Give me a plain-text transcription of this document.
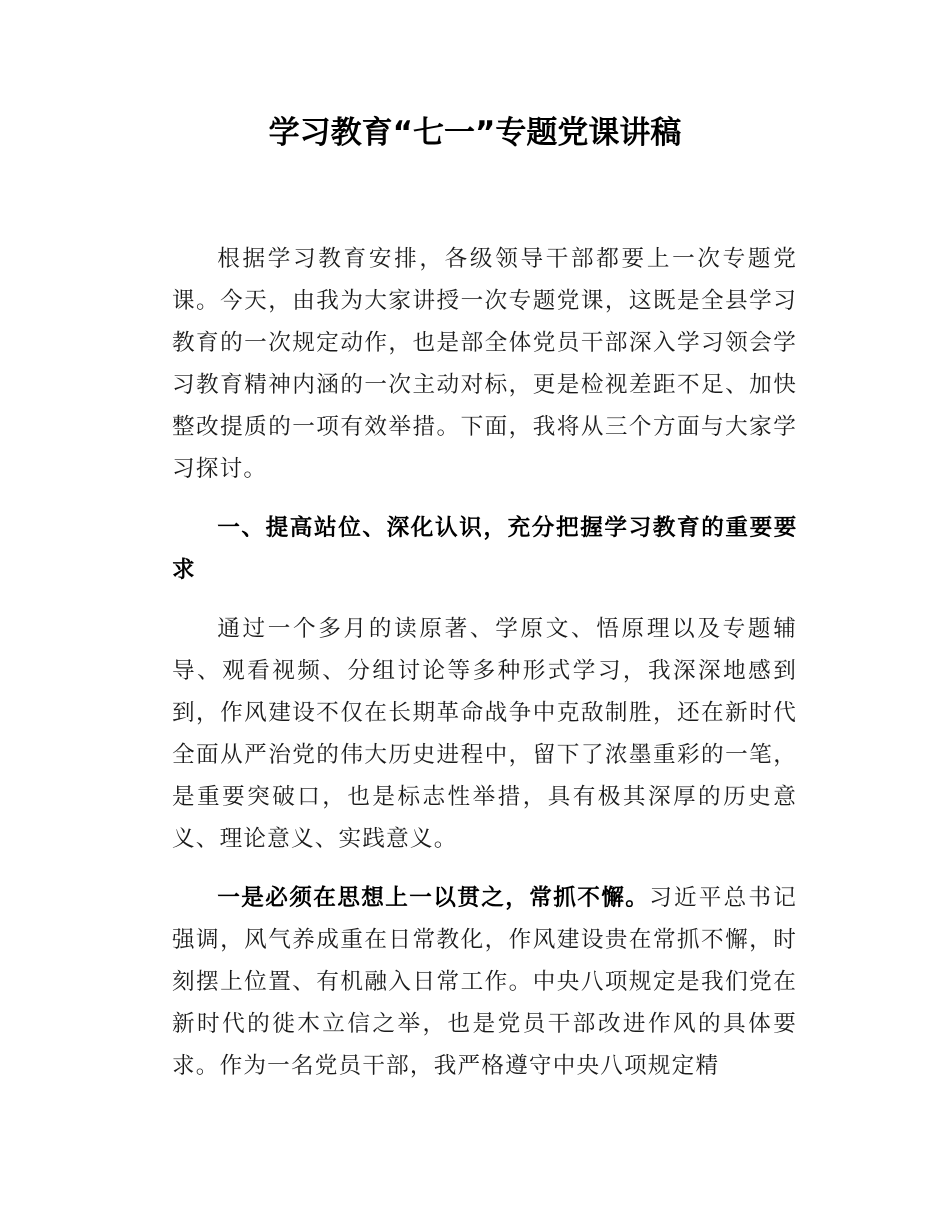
学习教育“七一”专题党课讲稿

根据学习教育安排，各级领导干部都要上一次专题党课。今天，由我为大家讲授一次专题党课，这既是全县学习教育的一次规定动作，也是部全体党员干部深入学习领会学习教育精神内涵的一次主动对标，更是检视差距不足、加快整改提质的一项有效举措。下面，我将从三个方面与大家学习探讨。

一、提高站位、深化认识，充分把握学习教育的重要要求

通过一个多月的读原著、学原文、悟原理以及专题辅导、观看视频、分组讨论等多种形式学习，我深深地感到到，作风建设不仅在长期革命战争中克敌制胜，还在新时代全面从严治党的伟大历史进程中，留下了浓墨重彩的一笔，是重要突破口，也是标志性举措，具有极其深厚的历史意义、理论意义、实践意义。

一是必须在思想上一以贯之，常抓不懈。习近平总书记强调，风气养成重在日常教化，作风建设贵在常抓不懈，时刻摆上位置、有机融入日常工作。中央八项规定是我们党在新时代的徙木立信之举，也是党员干部改进作风的具体要求。作为一名党员干部，我严格遵守中央八项规定精
